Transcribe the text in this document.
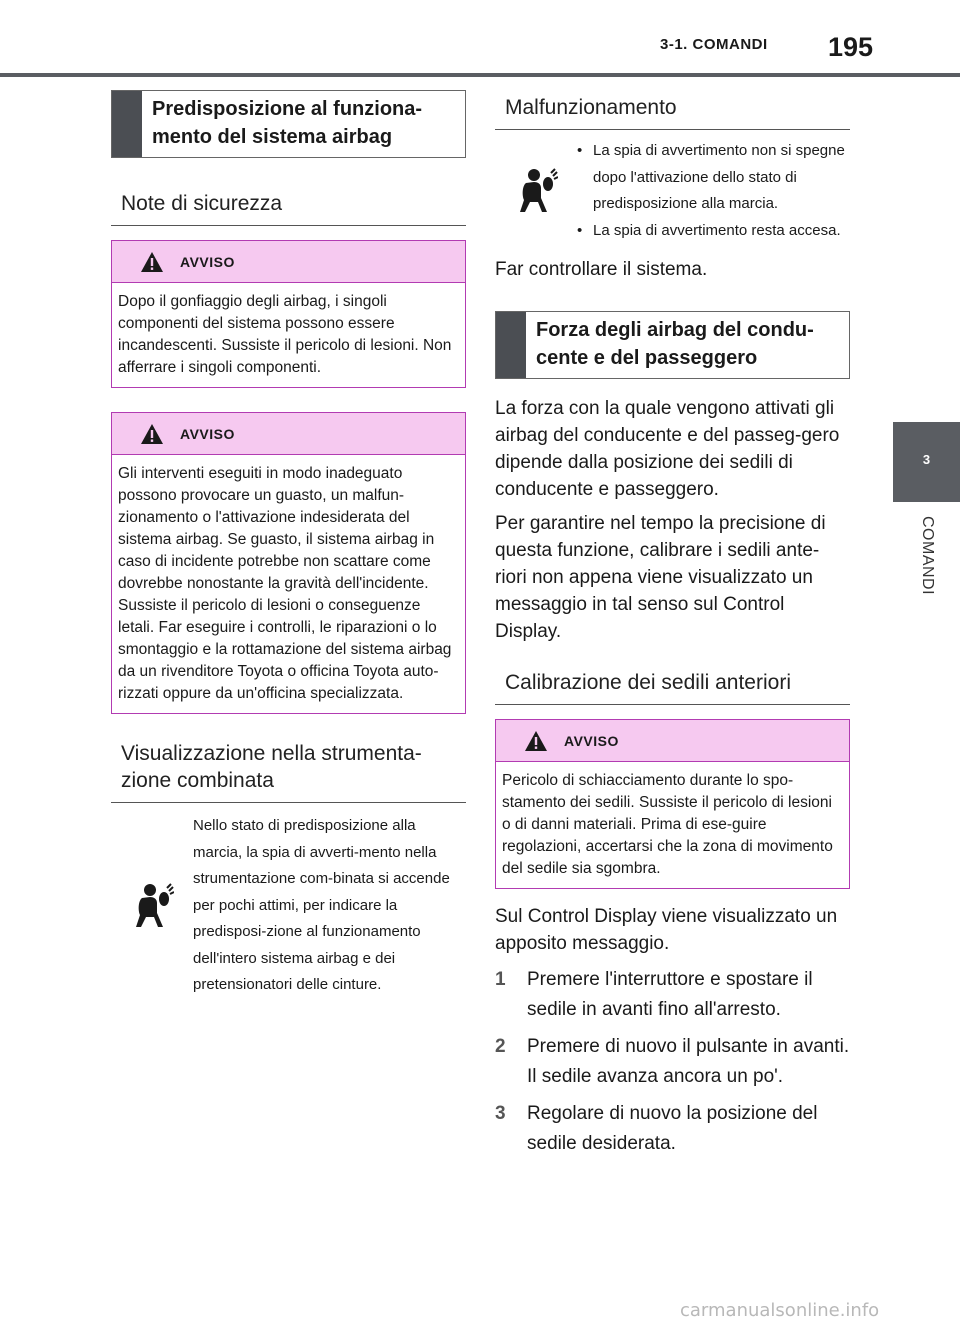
3-1. COMANDI 195
3
COMANDI
Predisposizione al funziona-
mento del sistema airbag
Note di sicurezza
AVVISO
Dopo il gonfiaggio degli airbag, i singoli componenti del sistema possono essere incandescenti. Sussiste il pericolo di lesioni. Non afferrare i singoli componenti.
AVVISO
Gli interventi eseguiti in modo inadeguato possono provocare un guasto, un malfun-zionamento o l'attivazione indesiderata del sistema airbag. Se guasto, il sistema airbag in caso di incidente potrebbe non scattare come dovrebbe nonostante la gravità dell'incidente. Sussiste il pericolo di lesioni o conseguenze letali. Far eseguire i controlli, le riparazioni o lo smontaggio e la rottamazione del sistema airbag da un rivenditore Toyota o officina Toyota auto-rizzati oppure da un'officina specializzata.
Visualizzazione nella strumenta-
zione combinata
Nello stato di predisposizione alla marcia, la spia di avverti-mento nella strumentazione com-binata si accende per pochi attimi, per indicare la predisposi-zione al funzionamento dell'intero sistema airbag e dei pretensionatori delle cinture.
Malfunzionamento
• La spia di avvertimento non si spegne dopo l'attivazione dello stato di predisposizione alla marcia.
• La spia di avvertimento resta accesa.
Far controllare il sistema.
Forza degli airbag del condu-
cente e del passeggero

La forza con la quale vengono attivati gli airbag del conducente e del passeg-gero dipende dalla posizione dei sedili di conducente e passeggero.

Per garantire nel tempo la precisione di questa funzione, calibrare i sedili ante-riori non appena viene visualizzato un messaggio in tal senso sul Control Display.

Calibrazione dei sedili anteriori
AVVISO
Pericolo di schiacciamento durante lo spo-stamento dei sedili. Sussiste il pericolo di lesioni o di danni materiali. Prima di ese-guire regolazioni, accertarsi che la zona di movimento del sedile sia sgombra.
Sul Control Display viene visualizzato un apposito messaggio.
1	Premere l'interruttore e spostare il sedile in avanti fino all'arresto.
2	Premere di nuovo il pulsante in avanti. Il sedile avanza ancora un po'.
3	Regolare di nuovo la posizione del sedile desiderata.
carmanualsonline.info
